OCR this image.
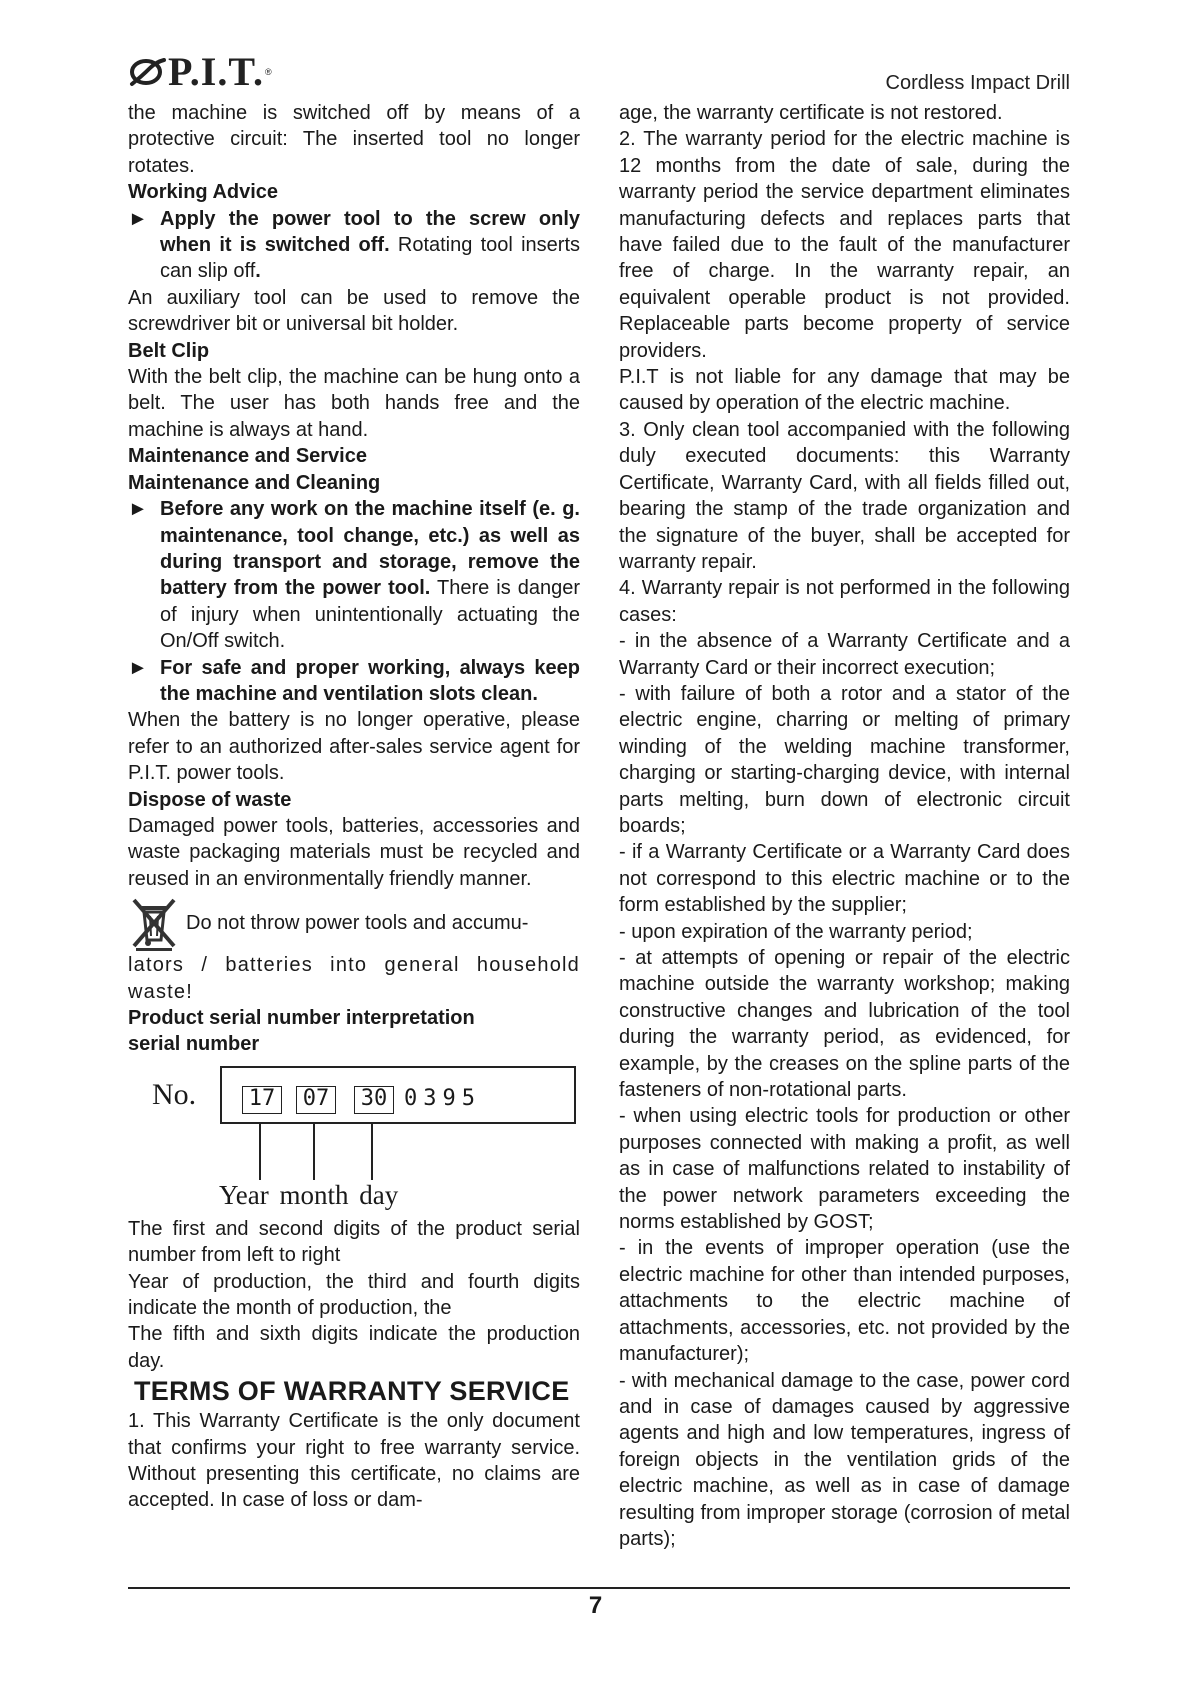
P.I.T. ®	Cordless Impact Drill

the machine is switched off by means of a protective circuit: The inserted tool no longer rotates.

Working Advice

► Apply the power tool to the screw only when it is switched off. Rotating tool inserts can slip off.

An auxiliary tool can be used to remove the screwdriver bit or universal bit holder.

Belt Clip

With the belt clip, the machine can be hung onto a belt. The user has both hands free and the machine is always at hand.

Maintenance and Service

Maintenance and Cleaning

► Before any work on the machine itself (e. g. maintenance, tool change, etc.) as well as during transport and storage, remove the battery from the power tool. There is danger of injury when unintentionally actuating the On/Off switch.

► For safe and proper working, always keep the machine and ventilation slots clean.

When the battery is no longer operative, please refer to an authorized after-sales service agent for P.I.T. power tools.

Dispose of waste

Damaged power tools, batteries, accessories and waste packaging materials must be recycled and reused in an environmentally friendly manner.

Do not throw power tools and accumu-

lators / batteries into general household waste!

Product serial number interpretation

serial number

No.	17	07	30 0395
Year month day

The first and second digits of the product serial number from left to right

Year of production, the third and fourth digits indicate the month of production, the

The fifth and sixth digits indicate the production day.

TERMS OF WARRANTY SERVICE

1. This Warranty Certificate is the only document that confirms your right to free warranty service. Without presenting this certificate, no claims are accepted. In case of loss or dam-

age, the warranty certificate is not restored.

2. The warranty period for the electric machine is 12 months from the date of sale, during the warranty period the service department eliminates manufacturing defects and replaces parts that have failed due to the fault of the manufacturer free of charge. In the warranty repair, an equivalent operable product is not provided. Replaceable parts become property of service providers.

P.I.T is not liable for any damage that may be caused by operation of the electric machine.

3. Only clean tool accompanied with the following duly executed documents: this Warranty Certificate, Warranty Card, with all fields filled out, bearing the stamp of the trade organization and the signature of the buyer, shall be accepted for warranty repair.

4. Warranty repair is not performed in the following cases:

- in the absence of a Warranty Certificate and a Warranty Card or their incorrect execution;

- with failure of both a rotor and a stator of the electric engine, charring or melting of primary winding of the welding machine transformer, charging or starting-charging device, with internal parts melting, burn down of electronic circuit boards;

- if a Warranty Certificate or a Warranty Card does not correspond to this electric machine or to the form established by the supplier;

- upon expiration of the warranty period;

- at attempts of opening or repair of the electric machine outside the warranty workshop; making constructive changes and lubrication of the tool during the warranty period, as evidenced, for example, by the creases on the spline parts of the fasteners of non-rotational parts.

- when using electric tools for production or other purposes connected with making a profit, as well as in case of malfunctions related to instability of the power network parameters exceeding the norms established by GOST;

- in the events of improper operation (use the electric machine for other than intended purposes, attachments to the electric machine of attachments, accessories, etc. not provided by the manufacturer);

- with mechanical damage to the case, power cord and in case of damages caused by aggressive agents and high and low temperatures, ingress of foreign objects in the ventilation grids of the electric machine, as well as in case of damage resulting from improper storage (corrosion of metal parts);

7
